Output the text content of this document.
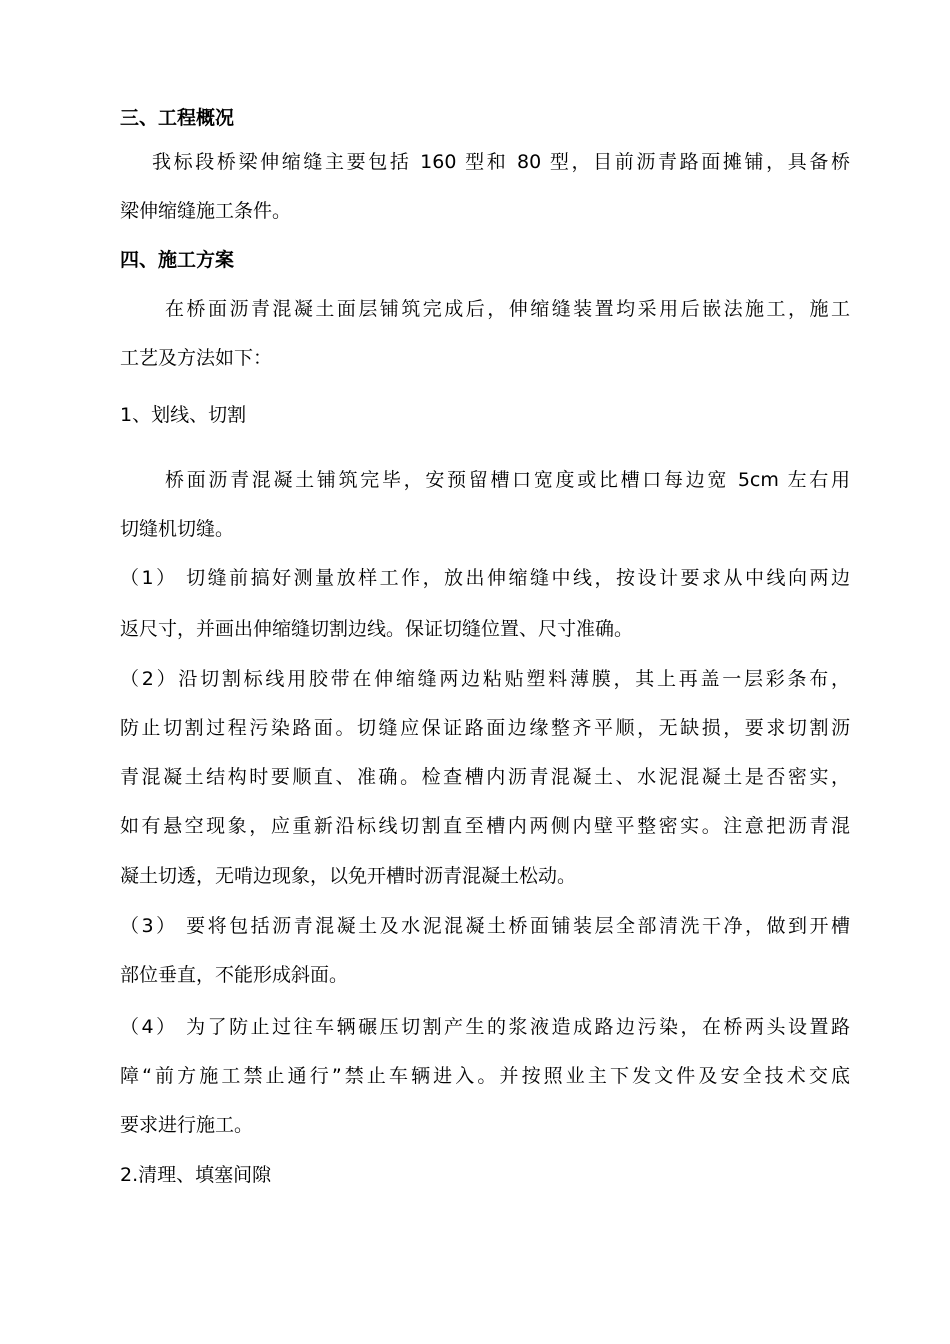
三、工程概况
我标段桥梁伸缩缝主要包括 160 型和 80 型，目前沥青路面摊铺，具备桥
梁伸缩缝施工条件。
四、施工方案
在桥面沥青混凝土面层铺筑完成后，伸缩缝装置均采用后嵌法施工，施工
工艺及方法如下：
1、划线、切割
桥面沥青混凝土铺筑完毕，安预留槽口宽度或比槽口每边宽 5cm 左右用
切缝机切缝。
（1） 切缝前搞好测量放样工作，放出伸缩缝中线，按设计要求从中线向两边
返尺寸，并画出伸缩缝切割边线。保证切缝位置、尺寸准确。
（2）沿切割标线用胶带在伸缩缝两边粘贴塑料薄膜，其上再盖一层彩条布，
防止切割过程污染路面。切缝应保证路面边缘整齐平顺，无缺损，要求切割沥
青混凝土结构时要顺直、准确。检查槽内沥青混凝土、水泥混凝土是否密实，
如有悬空现象，应重新沿标线切割直至槽内两侧内壁平整密实。注意把沥青混
凝土切透，无啃边现象，以免开槽时沥青混凝土松动。
（3） 要将包括沥青混凝土及水泥混凝土桥面铺装层全部清洗干净，做到开槽
部位垂直，不能形成斜面。
（4） 为了防止过往车辆碾压切割产生的浆液造成路边污染，在桥两头设置路
障“前方施工禁止通行”禁止车辆进入。并按照业主下发文件及安全技术交底
要求进行施工。
2.清理、填塞间隙
